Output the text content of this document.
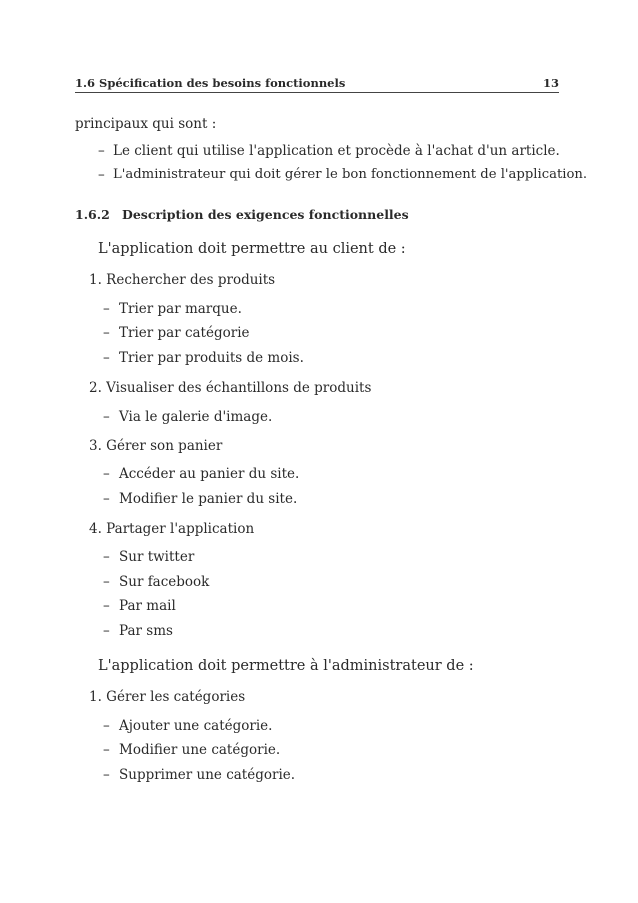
1.6 Spécification des besoins fonctionnels	13
principaux qui sont :
– Le client qui utilise l'application et procède à l'achat d'un article.
– L'administrateur qui doit gérer le bon fonctionnement de l'application.
1.6.2 Description des exigences fonctionnelles
L'application doit permettre au client de :
1. Rechercher des produits
– Trier par marque.
– Trier par catégorie
– Trier par produits de mois.
2. Visualiser des échantillons de produits
– Via le galerie d'image.
3. Gérer son panier
– Accéder au panier du site.
– Modifier le panier du site.
4. Partager l'application
– Sur twitter
– Sur facebook
– Par mail
– Par sms
L'application doit permettre à l'administrateur de :
1. Gérer les catégories
– Ajouter une catégorie.
– Modifier une catégorie.
– Supprimer une catégorie.
